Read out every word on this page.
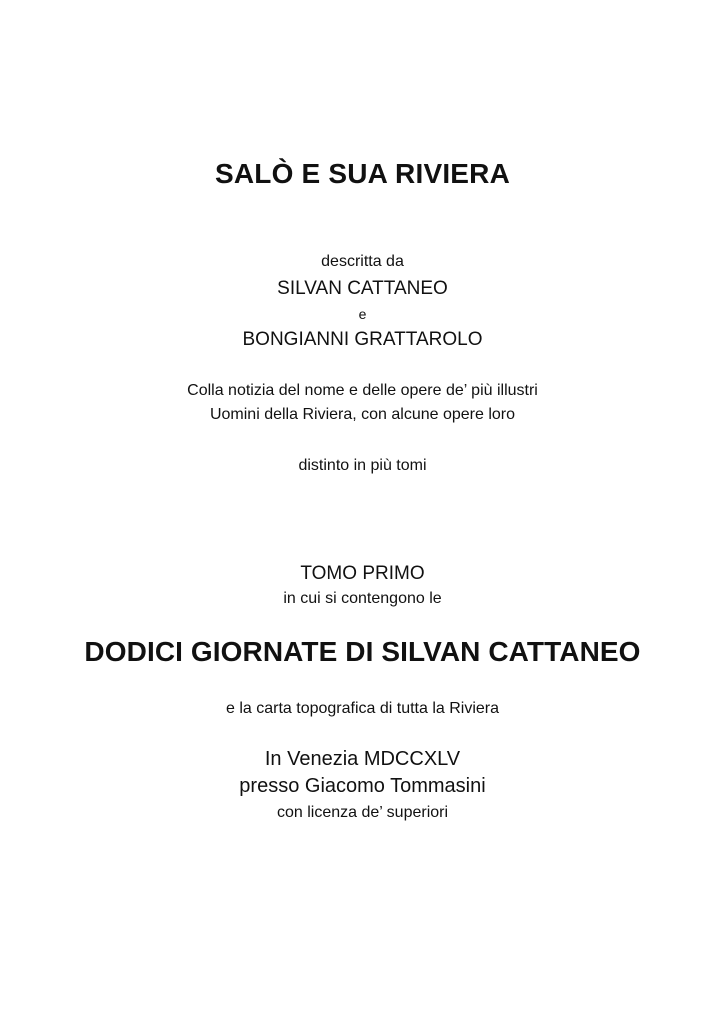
SALÒ E SUA RIVIERA
descritta da
SILVAN CATTANEO
e
BONGIANNI GRATTAROLO
Colla notizia del nome e delle opere de’ più illustri
Uomini della Riviera, con alcune opere loro
distinto in più tomi
TOMO PRIMO
in cui si contengono le
DODICI GIORNATE DI SILVAN CATTANEO
e la carta topografica di tutta la Riviera
In Venezia MDCCXLV
presso Giacomo Tommasini
con licenza de’ superiori
